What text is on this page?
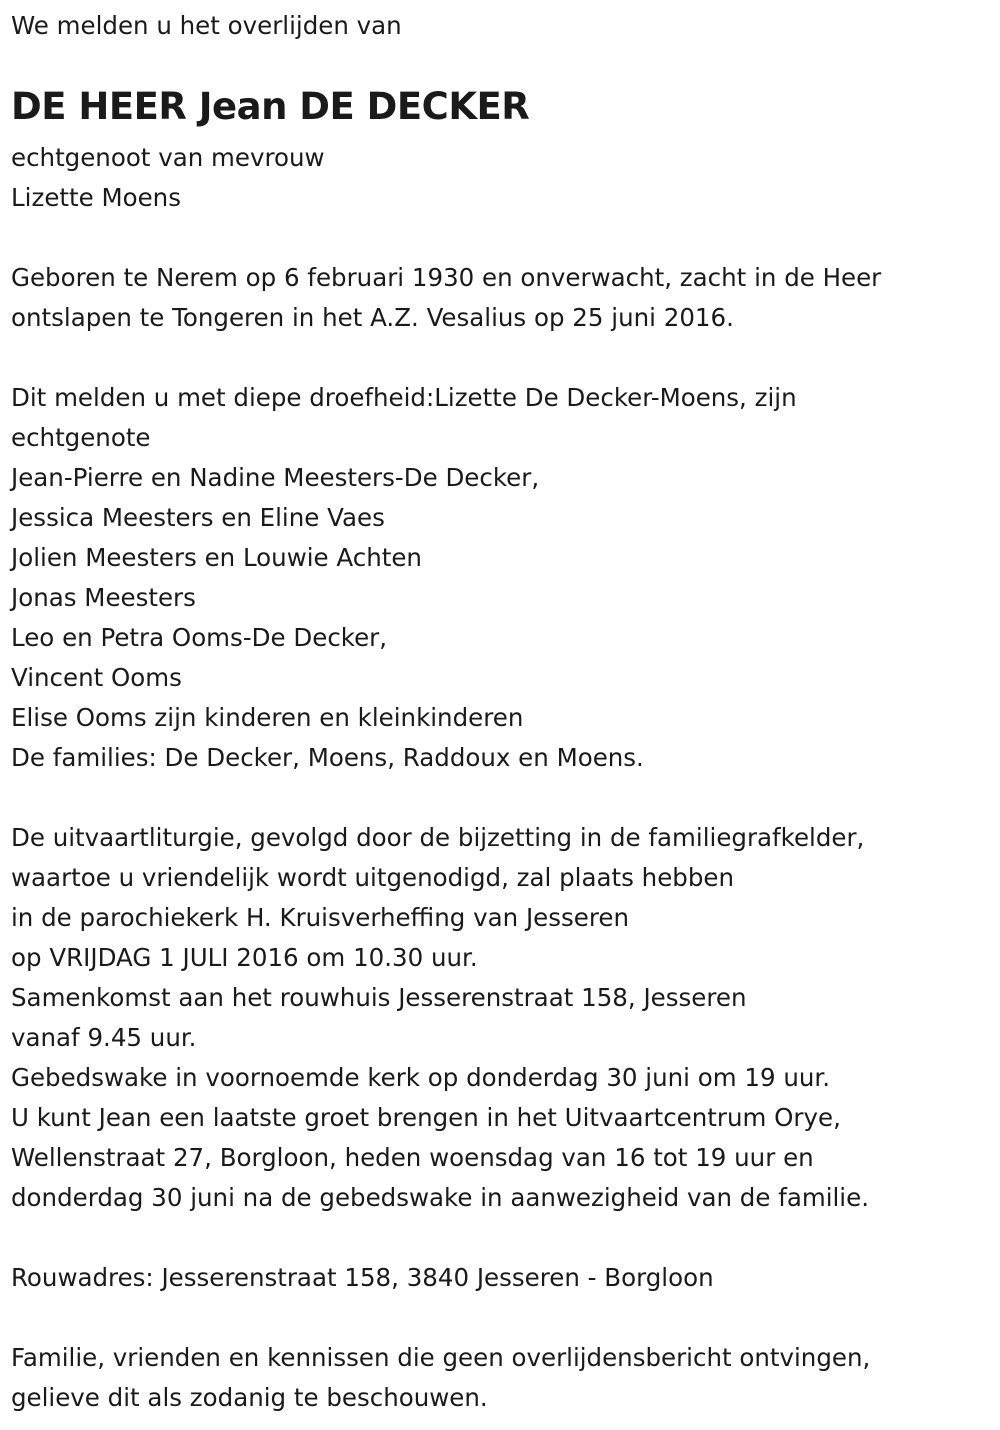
We melden u het overlijden van
DE HEER Jean DE DECKER
echtgenoot van mevrouw
Lizette Moens
Geboren te Nerem op 6 februari 1930 en onverwacht, zacht in de Heer
ontslapen te Tongeren in het A.Z. Vesalius op 25 juni 2016.
Dit melden u met diepe droefheid:Lizette De Decker-Moens, zijn
echtgenote
Jean-Pierre en Nadine Meesters-De Decker,
Jessica Meesters en Eline Vaes
Jolien Meesters en Louwie Achten
Jonas Meesters
Leo en Petra Ooms-De Decker,
Vincent Ooms
Elise Ooms zijn kinderen en kleinkinderen
De families: De Decker, Moens, Raddoux en Moens.
De uitvaartliturgie, gevolgd door de bijzetting in de familiegrafkelder,
waartoe u vriendelijk wordt uitgenodigd, zal plaats hebben
in de parochiekerk H. Kruisverheffing van Jesseren
op VRIJDAG 1 JULI 2016 om 10.30 uur.
Samenkomst aan het rouwhuis Jesserenstraat 158, Jesseren
vanaf 9.45 uur.
Gebedswake in voornoemde kerk op donderdag 30 juni om 19 uur.
U kunt Jean een laatste groet brengen in het Uitvaartcentrum Orye,
Wellenstraat 27, Borgloon, heden woensdag van 16 tot 19 uur en
donderdag 30 juni na de gebedswake in aanwezigheid van de familie.
Rouwadres: Jesserenstraat 158, 3840 Jesseren - Borgloon
Familie, vrienden en kennissen die geen overlijdensbericht ontvingen,
gelieve dit als zodanig te beschouwen.
